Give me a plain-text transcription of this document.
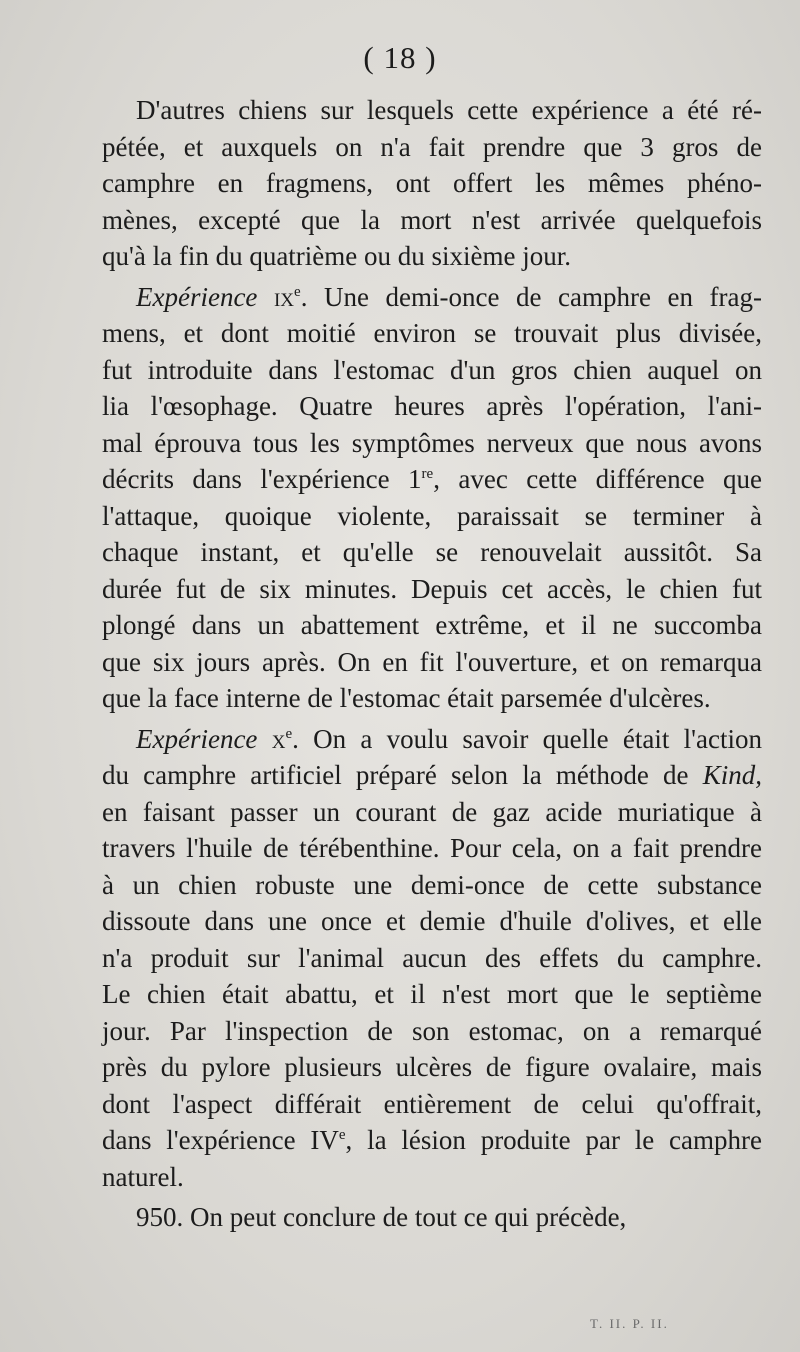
( 18 )
D'autres chiens sur lesquels cette expérience a été ré-
pétée, et auxquels on n'a fait prendre que 3 gros de
camphre en fragmens, ont offert les mêmes phéno-
mènes, excepté que la mort n'est arrivée quelquefois
qu'à la fin du quatrième ou du sixième jour.
Expérience $ix^e$. Une demi-once de camphre en frag-
mens, et dont moitié environ se trouvait plus divisée,
fut introduite dans l'estomac d'un gros chien auquel on
lia l'œsophage. Quatre heures après l'opération, l'ani-
mal éprouva tous les symptômes nerveux que nous avons
décrits dans l'expérience 1re, avec cette différence que
l'attaque, quoique violente, paraissait se terminer à
chaque instant, et qu'elle se renouvelait aussitôt. Sa
durée fut de six minutes. Depuis cet accès, le chien fut
plongé dans un abattement extrême, et il ne succomba
que six jours après. On en fit l'ouverture, et on remarqua
que la face interne de l'estomac était parsemée d'ulcères.
Expérience $x^e$. On a voulu savoir quelle était l'action
du camphre artificiel préparé selon la méthode de Kind,
en faisant passer un courant de gaz acide muriatique à
travers l'huile de térébenthine. Pour cela, on a fait prendre
à un chien robuste une demi-once de cette substance
dissoute dans une once et demie d'huile d'olives, et elle
n'a produit sur l'animal aucun des effets du camphre.
Le chien était abattu, et il n'est mort que le septième
jour. Par l'inspection de son estomac, on a remarqué
près du pylore plusieurs ulcères de figure ovalaire, mais
dont l'aspect différait entièrement de celui qu'offrait,
dans l'expérience IVe, la lésion produite par le camphre
naturel.
950. On peut conclure de tout ce qui précède,
T. II. P. II.
